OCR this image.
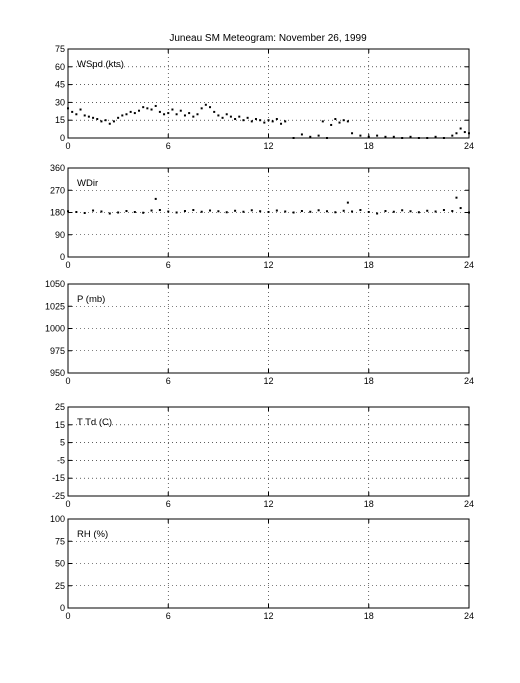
Juneau SM Meteogram: November 26, 1999
0	6	12	18	24
0
15
30
45
60
75
WSpd (kts)
0	6	12	18	24
0
90
180
270
360
WDir
0	6	12	18	24
950
975
1000
1025
1050
P (mb)
0	6	12	18	24
-25
-15
-5
5
15
25
T Td (C)
0	6	12	18	24
0
25
50
75
100
RH (%)
